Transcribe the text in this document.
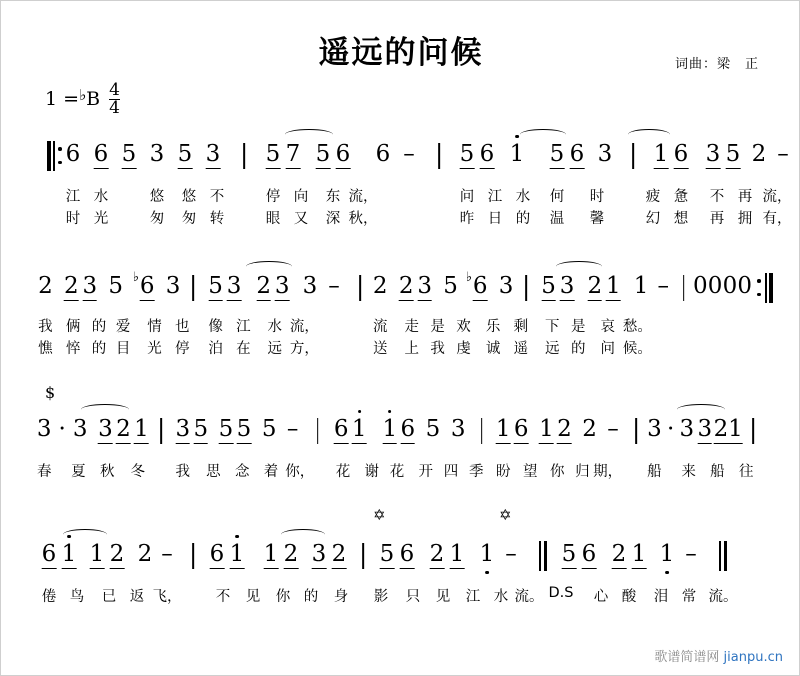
遥远的问候	词曲：梁 正
1 = ♭ B $\frac{4}{4}$
6 6 5 3 5 3 5 7 5 6 6 – 5 6 1 5 6 3 1 6 3 5 2 –
江 水	悠 悠 不	停 向 东 流，	问 江 水 何 时	疲 惫 不 再 流，
时 光	匆 匆 转	眼 又 深 秋，	昨 日 的 温 馨	幻 想 再 拥 有，
2 2 3 5 6
♭ 3 5 3 2 3 3 – 2 2 3 5 6
♭ 3 5 3 2 1 1 – 0 0 0 0
我 俩 的 爱 情 也 像 江 水 流，	流 走 是 欢 乐 剩 下 是 哀 愁。
憔 悴 的 目 光 停 泊 在 远 方，	送 上 我 虔 诚 遥 远 的 问 候。
$
3 · 3 3 2 1 3 5 5 5 5 – 6 1 1 6 5 3 1 6 1 2 2 – 3 · 3 3 2 1
春 夏 秋 冬 我 思 念 着 你， 花 谢 花 开 四 季 盼 望 你 归 期， 船 来 船 往
✡	✡
6 1 1 2 2 – 6 1 1 2 3 2 5 6 2 1 1 – 5 6 2 1 1 –
倦 鸟 已 返 飞， 不 见 你 的 身 影 只 见 江 水 流。 D.S 心 酸 泪 常 流。
歌谱简谱网 jianpu.cn
